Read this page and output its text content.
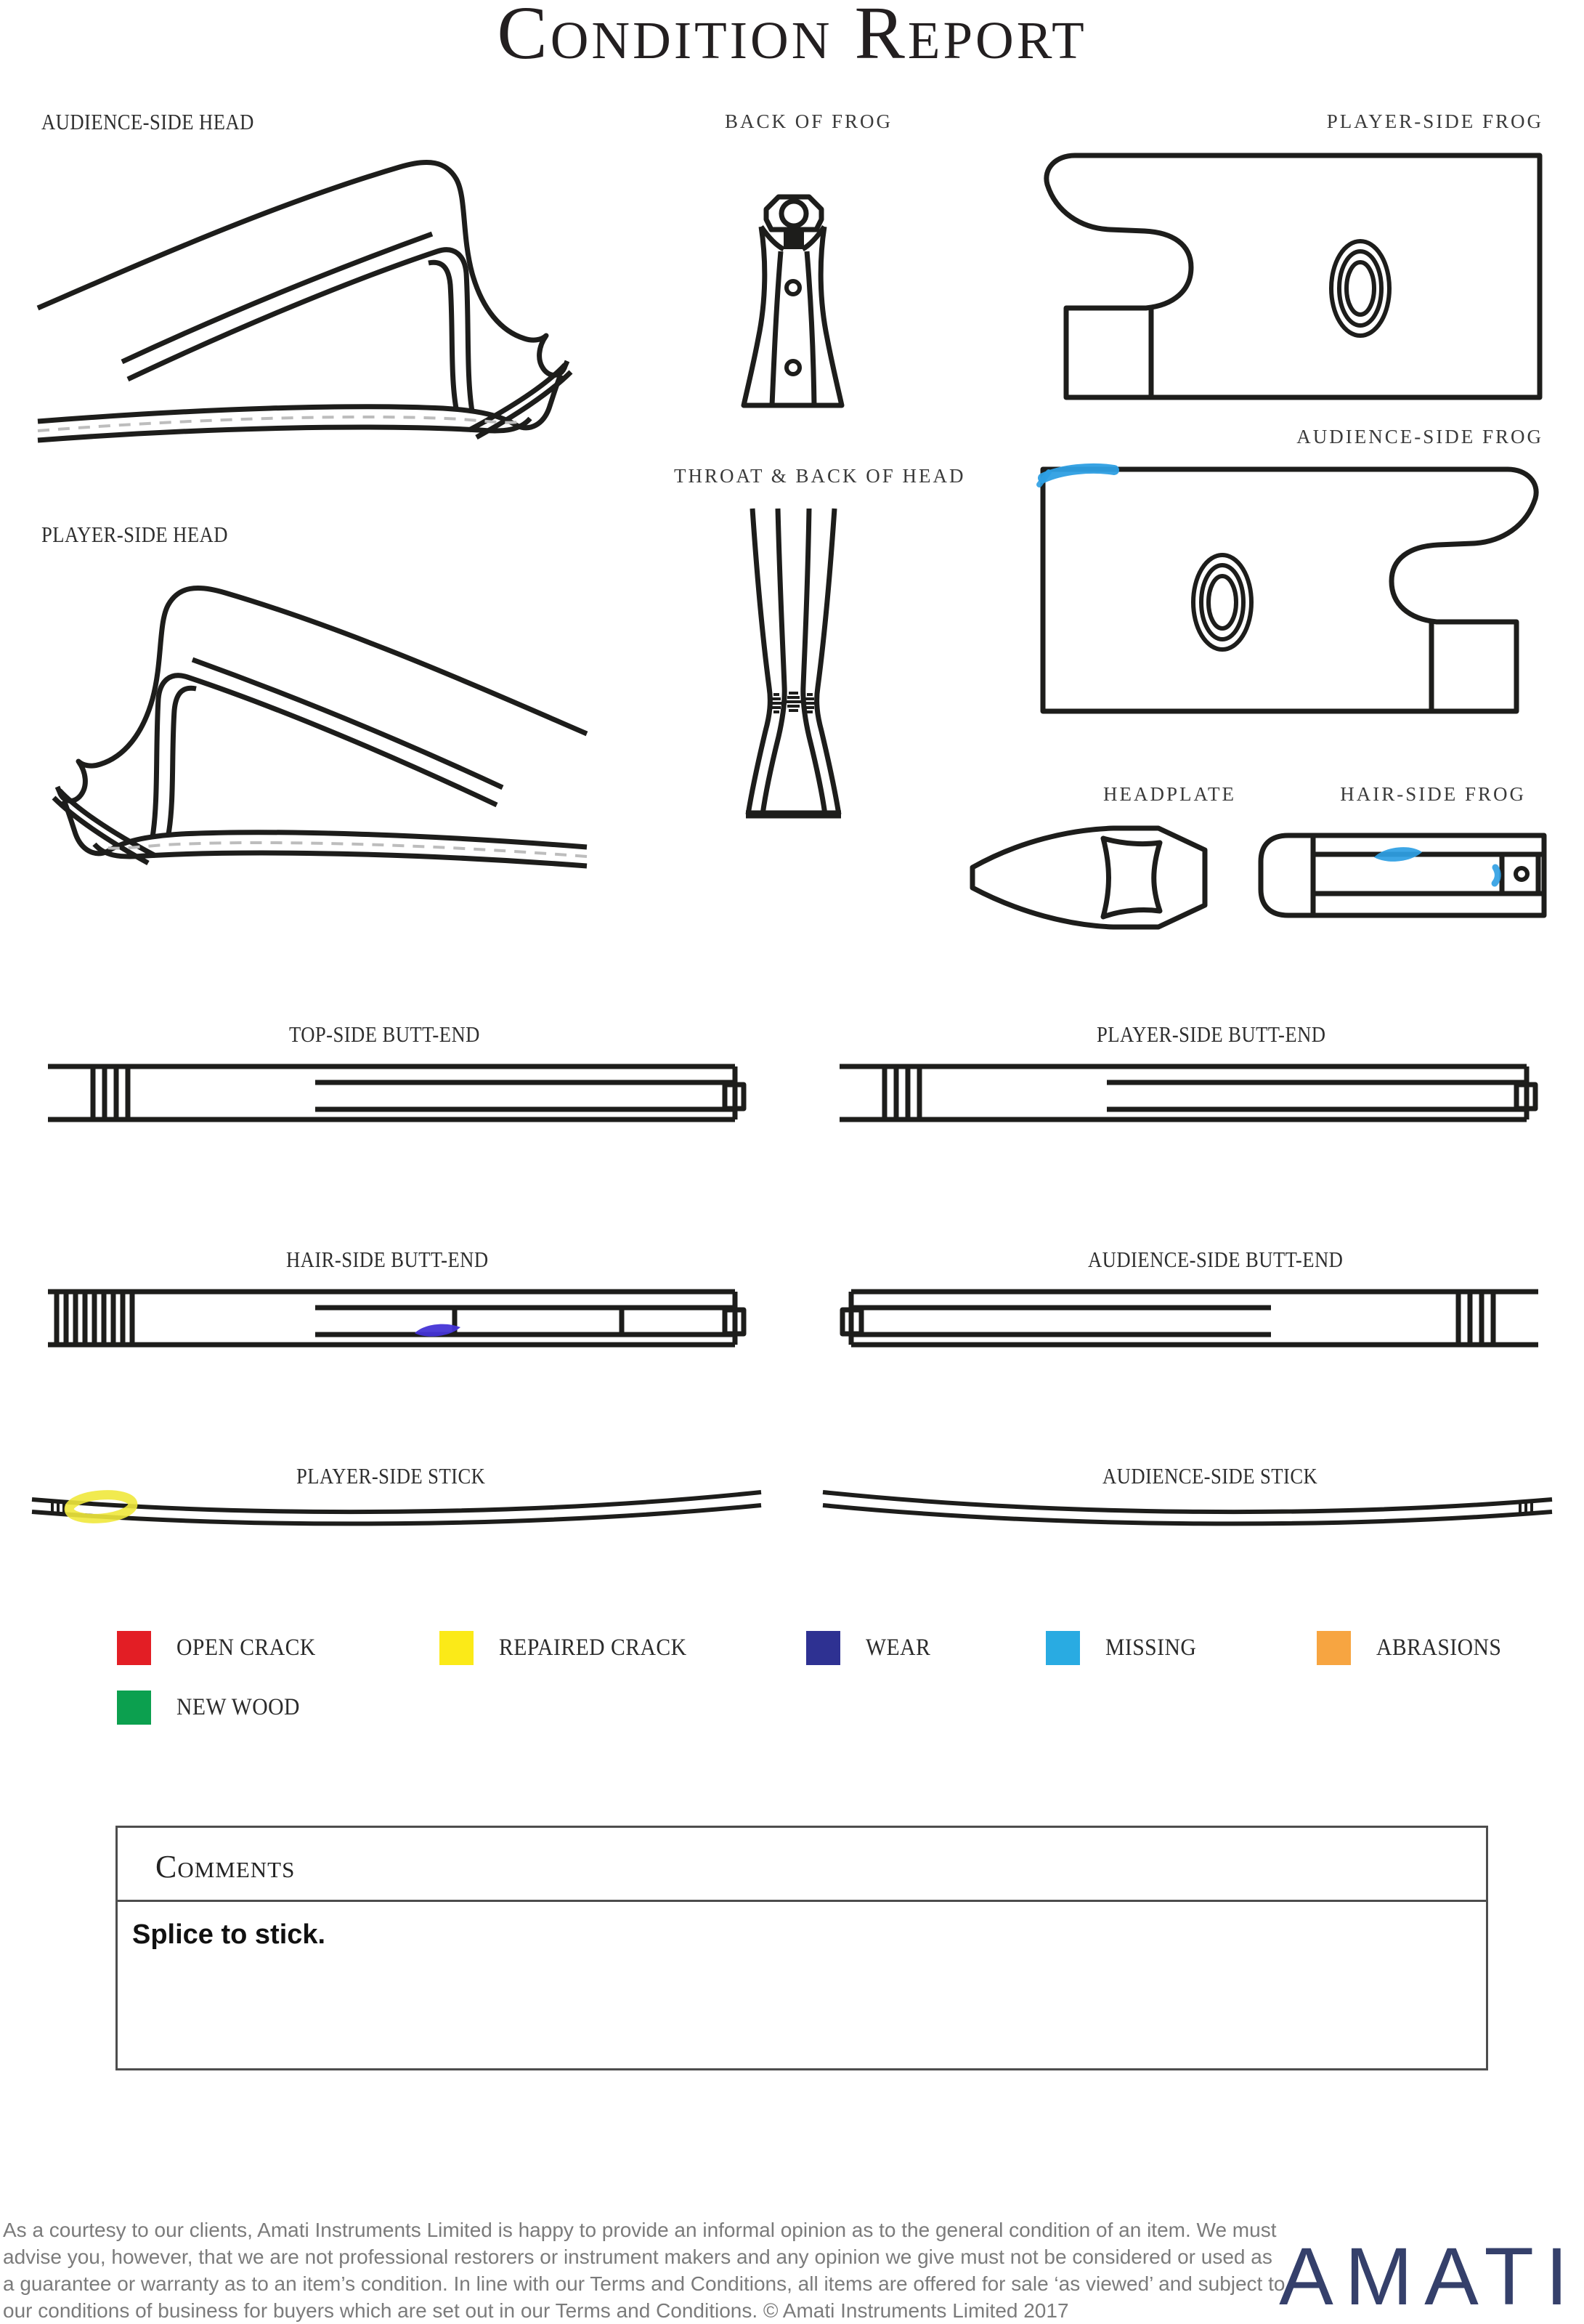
Condition Report
AUDIENCE-SIDE HEAD	BACK OF FROG	PLAYER-SIDE FROG
AUDIENCE-SIDE FROG
PLAYER-SIDE HEAD
THROAT & BACK OF HEAD
HEADPLATE	HAIR-SIDE FROG
TOP-SIDE BUTT-END	PLAYER-SIDE BUTT-END
HAIR-SIDE BUTT-END	AUDIENCE-SIDE BUTT-END
PLAYER-SIDE STICK	AUDIENCE-SIDE STICK
OPEN CRACK	REPAIRED CRACK	WEAR	MISSING	ABRASIONS
NEW WOOD
Comments
Splice to stick.
As a courtesy to our clients, Amati Instruments Limited is happy to provide an informal opinion as to the general condition of an item. We must
advise you, however, that we are not professional restorers or instrument makers and any opinion we give must not be considered or used as
a guarantee or warranty as to an item’s condition. In line with our Terms and Conditions, all items are offered for sale ‘as viewed’ and subject to
our conditions of business for buyers which are set out in our Terms and Conditions. © Amati Instruments Limited 2017	AMATI
